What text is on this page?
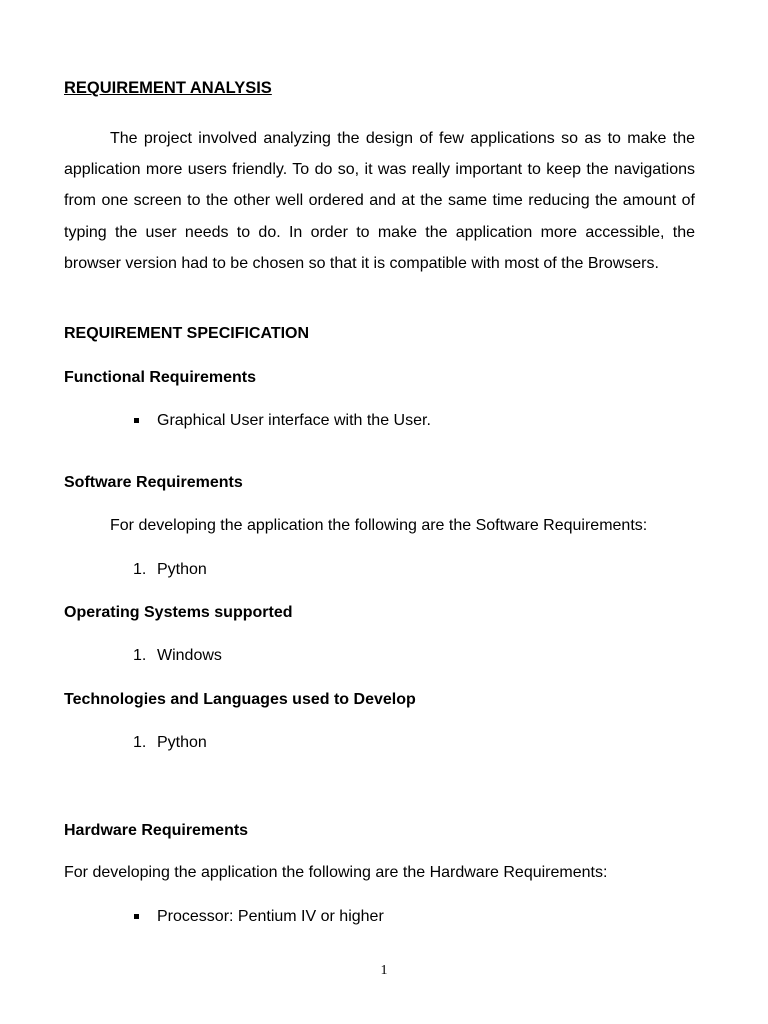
REQUIREMENT ANALYSIS

The project involved analyzing the design of few applications so as to make the application more users friendly. To do so, it was really important to keep the navigations from one screen to the other well ordered and at the same time reducing the amount of typing the user needs to do. In order to make the application more accessible, the browser version had to be chosen so that it is compatible with most of the Browsers.

REQUIREMENT SPECIFICATION
Functional Requirements
Graphical User interface with the User.
Software Requirements
For developing the application the following are the Software Requirements:
1. Python
Operating Systems supported
1. Windows
Technologies and Languages used to Develop
1. Python
Hardware Requirements
For developing the application the following are the Hardware Requirements:
Processor: Pentium IV or higher
1
